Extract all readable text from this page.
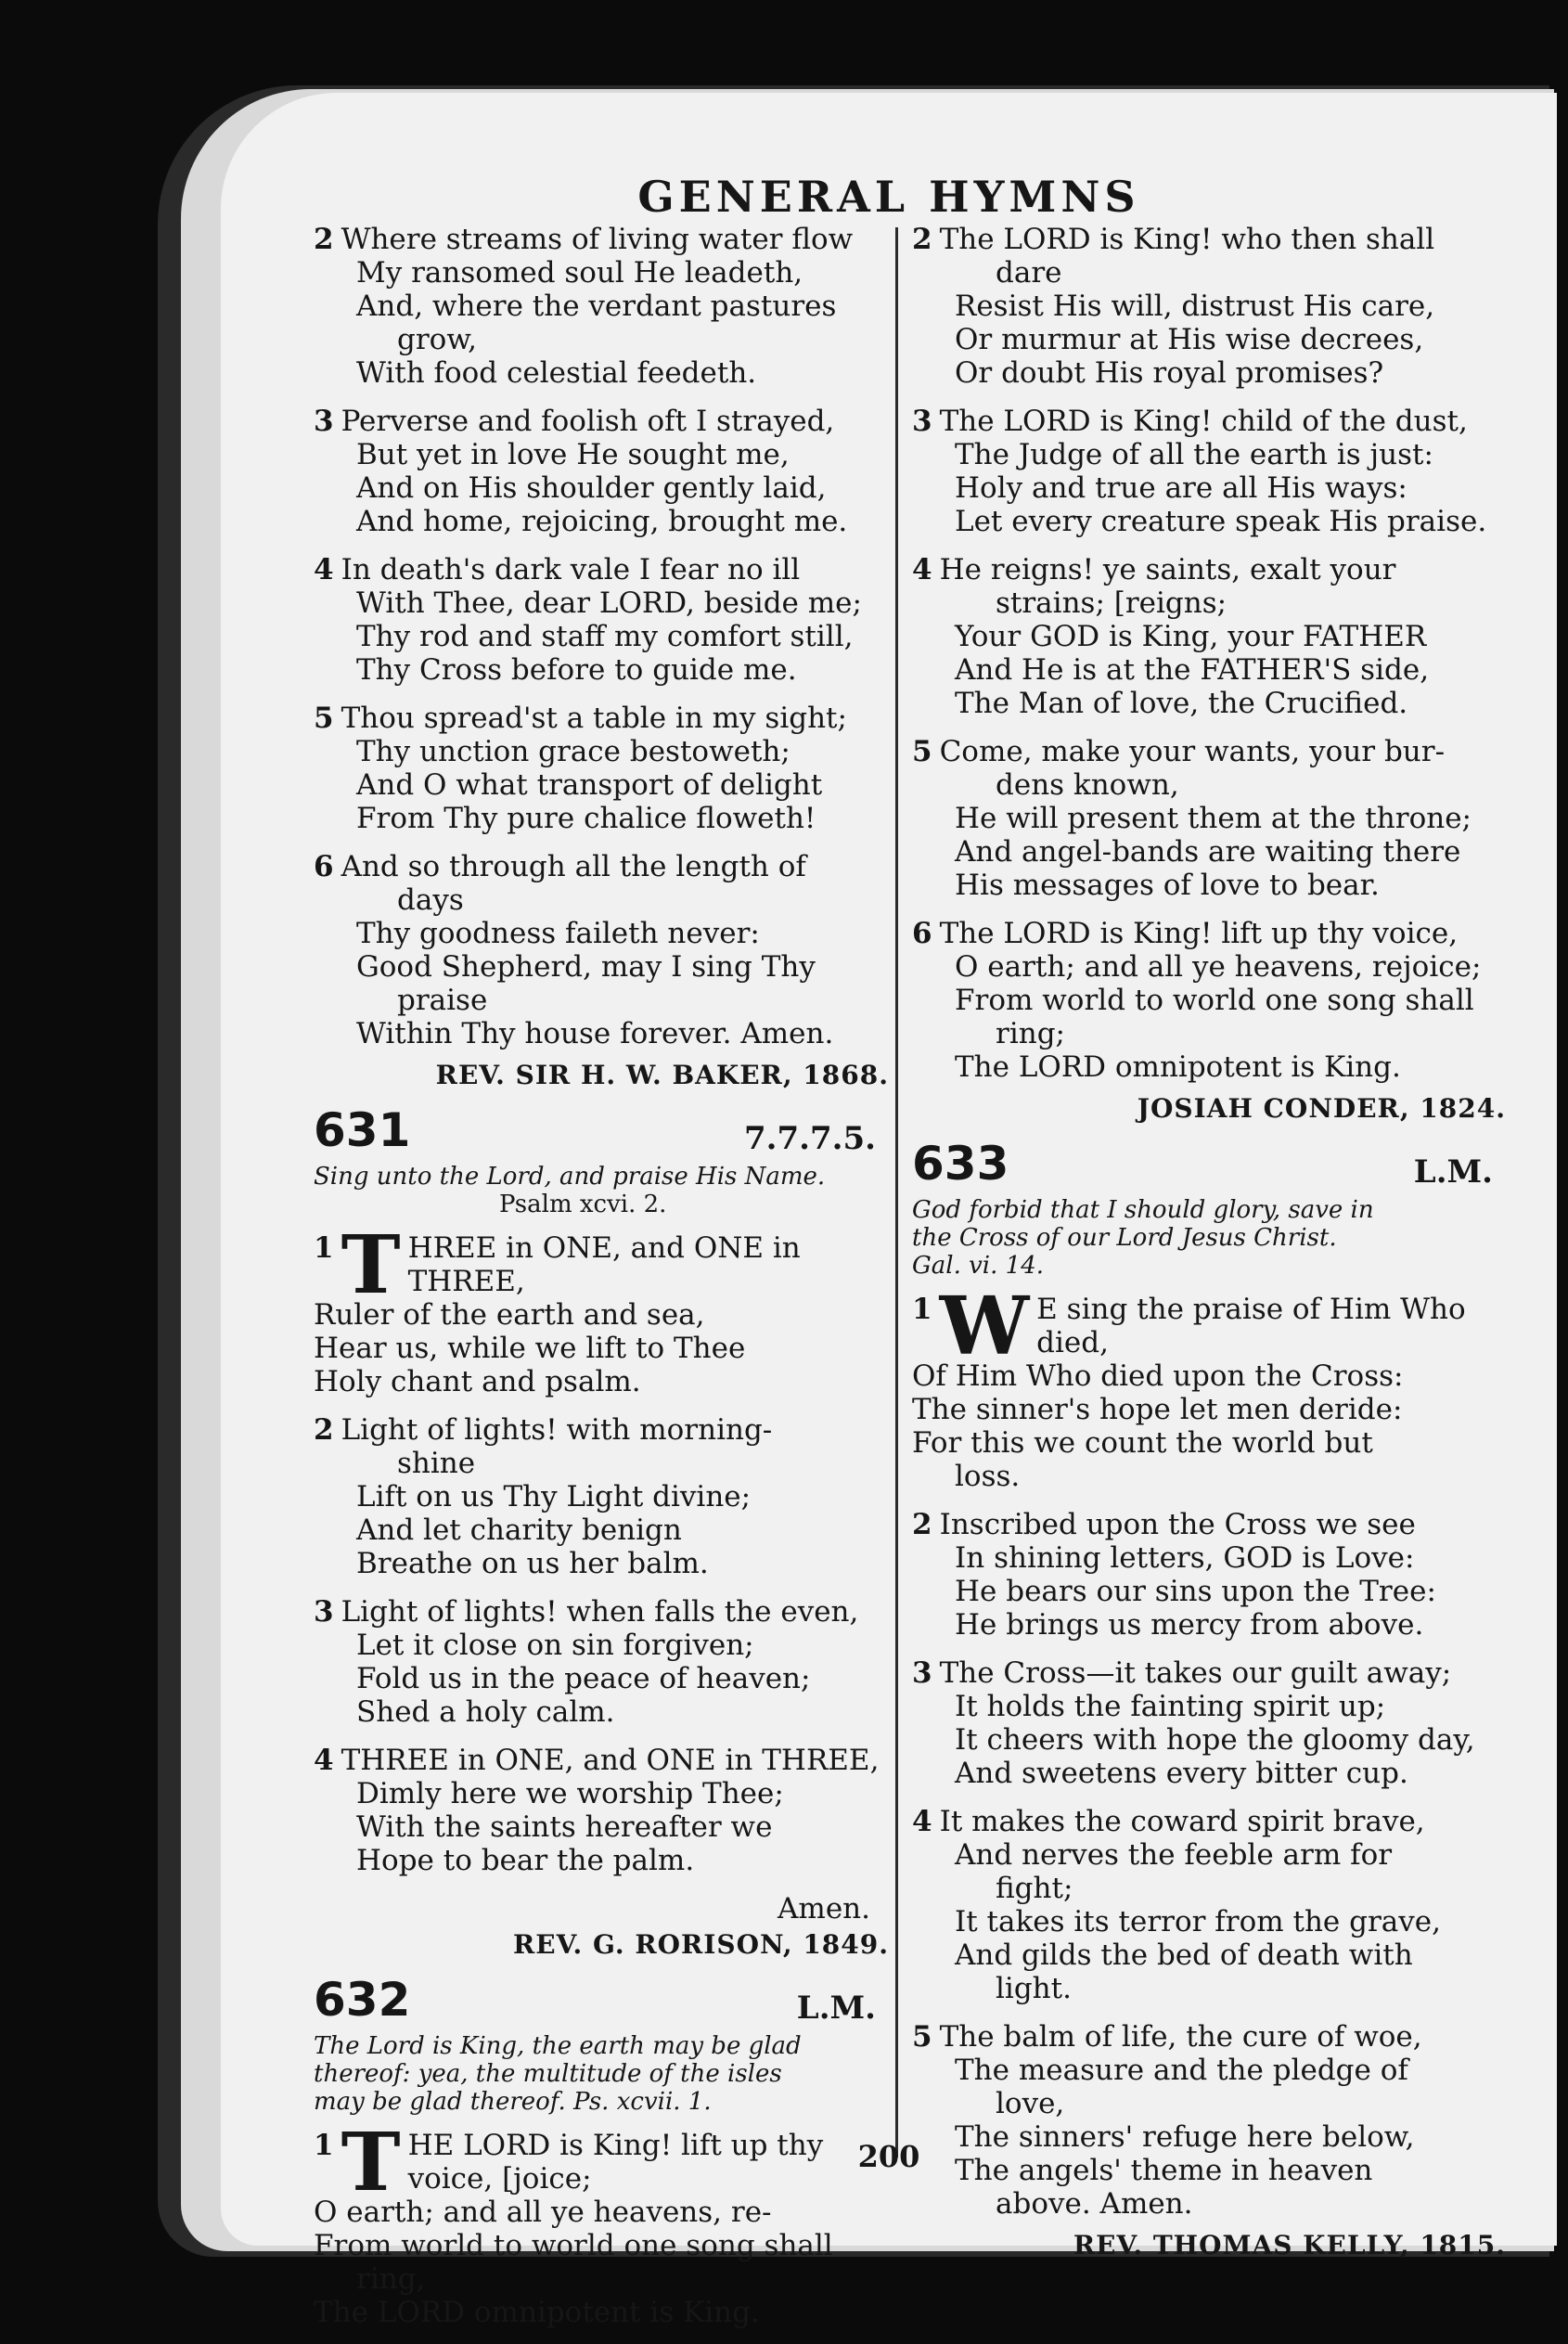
GENERAL HYMNS
2 Where streams of living water flow
My ransomed soul He leadeth,
And, where the verdant pastures
grow,
With food celestial feedeth.
3 Perverse and foolish oft I strayed,
But yet in love He sought me,
And on His shoulder gently laid,
And home, rejoicing, brought me.
4 In death's dark vale I fear no ill
With Thee, dear LORD, beside me;
Thy rod and staff my comfort still,
Thy Cross before to guide me.
5 Thou spread'st a table in my sight;
Thy unction grace bestoweth;
And O what transport of delight
From Thy pure chalice floweth!
6 And so through all the length of
days
Thy goodness faileth never:
Good Shepherd, may I sing Thy
praise
Within Thy house forever. Amen.
REV. SIR H. W. BAKER, 1868.
631	7.7.7.5.
Sing unto the Lord, and praise His Name.
Psalm xcvi. 2.
1 T HREE in ONE, and ONE in
THREE,
Ruler of the earth and sea,
Hear us, while we lift to Thee
Holy chant and psalm.
2 Light of lights! with morning-
shine
Lift on us Thy Light divine;
And let charity benign
Breathe on us her balm.
3 Light of lights! when falls the even,
Let it close on sin forgiven;
Fold us in the peace of heaven;
Shed a holy calm.
4 THREE in ONE, and ONE in THREE,
Dimly here we worship Thee;
With the saints hereafter we
Hope to bear the palm.
Amen.
REV. G. RORISON, 1849.
632	L.M.
The Lord is King, the earth may be glad
thereof: yea, the multitude of the isles
may be glad thereof. Ps. xcvii. 1.
1 T HE LORD is King! lift up thy
voice, [joice;
O earth; and all ye heavens, re-
From world to world one song shall
ring,
The LORD omnipotent is King.
2 The LORD is King! who then shall
dare
Resist His will, distrust His care,
Or murmur at His wise decrees,
Or doubt His royal promises?
3 The LORD is King! child of the dust,
The Judge of all the earth is just:
Holy and true are all His ways:
Let every creature speak His praise.
4 He reigns! ye saints, exalt your
strains; [reigns;
Your GOD is King, your FATHER
And He is at the FATHER'S side,
The Man of love, the Crucified.
5 Come, make your wants, your bur-
dens known,
He will present them at the throne;
And angel-bands are waiting there
His messages of love to bear.
6 The LORD is King! lift up thy voice,
O earth; and all ye heavens, rejoice;
From world to world one song shall
ring;
The LORD omnipotent is King.
JOSIAH CONDER, 1824.
633	L.M.
God forbid that I should glory, save in
the Cross of our Lord Jesus Christ.
Gal. vi. 14.
1 W E sing the praise of Him Who
died,
Of Him Who died upon the Cross:
The sinner's hope let men deride:
For this we count the world but
loss.
2 Inscribed upon the Cross we see
In shining letters, GOD is Love:
He bears our sins upon the Tree:
He brings us mercy from above.
3 The Cross—it takes our guilt away;
It holds the fainting spirit up;
It cheers with hope the gloomy day,
And sweetens every bitter cup.
4 It makes the coward spirit brave,
And nerves the feeble arm for
fight;
It takes its terror from the grave,
And gilds the bed of death with
light.
5 The balm of life, the cure of woe,
The measure and the pledge of
love,
The sinners' refuge here below,
The angels' theme in heaven
above. Amen.
REV. THOMAS KELLY, 1815.
200
